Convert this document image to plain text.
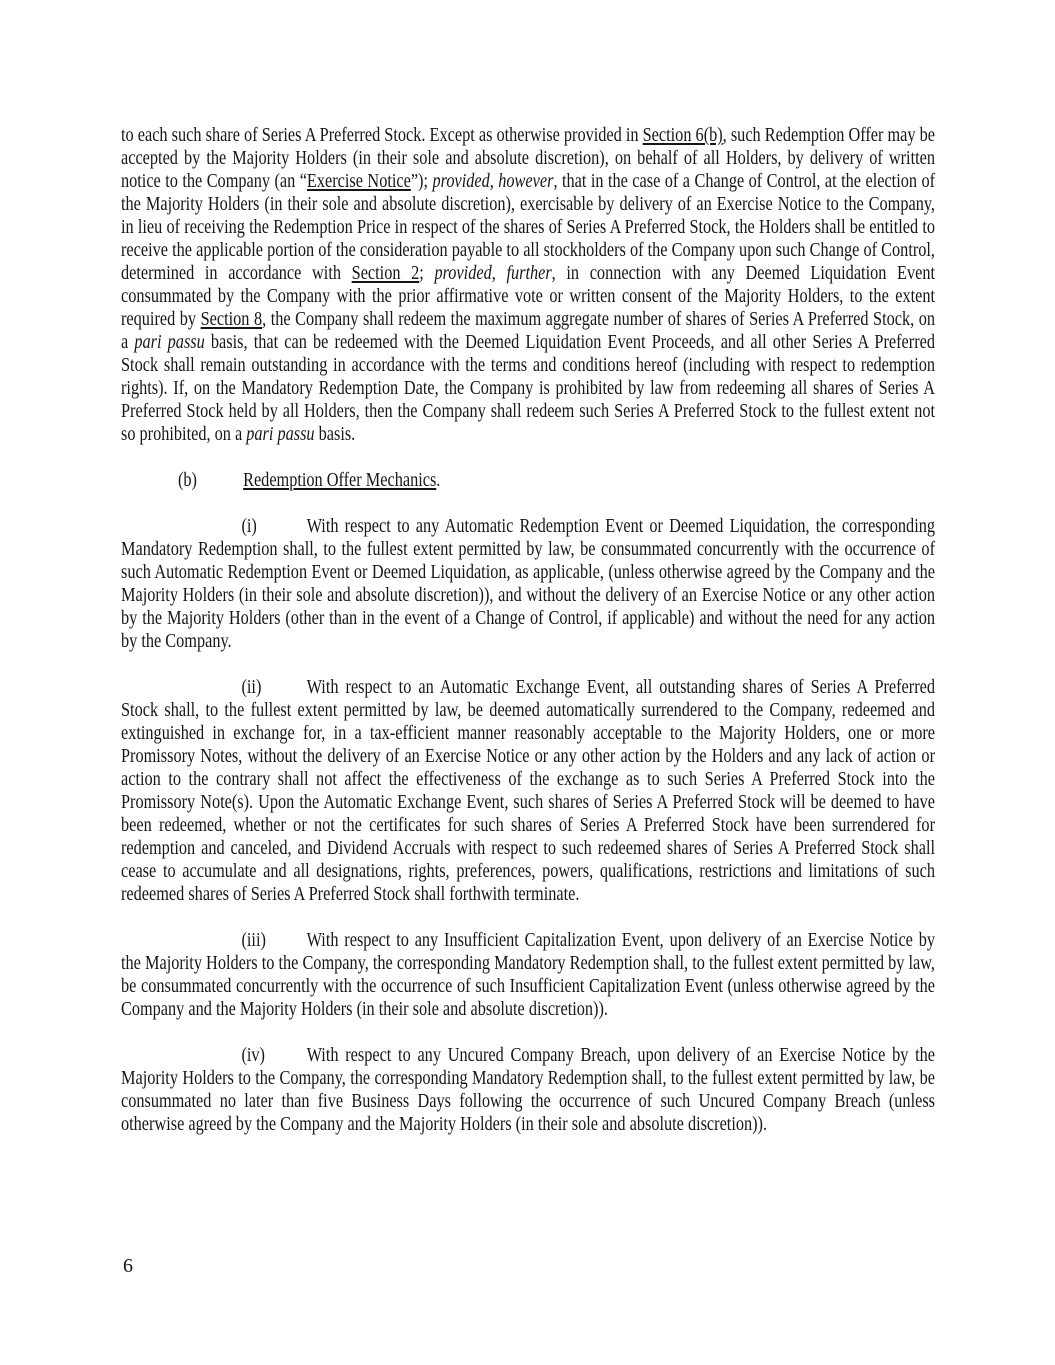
to each such share of Series A Preferred Stock. Except as otherwise provided in Section 6(b), such Redemption Offer may be accepted by the Majority Holders (in their sole and absolute discretion), on behalf of all Holders, by delivery of written notice to the Company (an “Exercise Notice”); provided, however, that in the case of a Change of Control, at the election of the Majority Holders (in their sole and absolute discretion), exercisable by delivery of an Exercise Notice to the Company, in lieu of receiving the Redemption Price in respect of the shares of Series A Preferred Stock, the Holders shall be entitled to receive the applicable portion of the consideration payable to all stockholders of the Company upon such Change of Control, determined in accordance with Section 2; provided, further, in connection with any Deemed Liquidation Event consummated by the Company with the prior affirmative vote or written consent of the Majority Holders, to the extent required by Section 8, the Company shall redeem the maximum aggregate number of shares of Series A Preferred Stock, on a pari passu basis, that can be redeemed with the Deemed Liquidation Event Proceeds, and all other Series A Preferred Stock shall remain outstanding in accordance with the terms and conditions hereof (including with respect to redemption rights). If, on the Mandatory Redemption Date, the Company is prohibited by law from redeeming all shares of Series A Preferred Stock held by all Holders, then the Company shall redeem such Series A Preferred Stock to the fullest extent not so prohibited, on a pari passu basis.

(b) Redemption Offer Mechanics.

(i) With respect to any Automatic Redemption Event or Deemed Liquidation, the corresponding Mandatory Redemption shall, to the fullest extent permitted by law, be consummated concurrently with the occurrence of such Automatic Redemption Event or Deemed Liquidation, as applicable, (unless otherwise agreed by the Company and the Majority Holders (in their sole and absolute discretion)), and without the delivery of an Exercise Notice or any other action by the Majority Holders (other than in the event of a Change of Control, if applicable) and without the need for any action by the Company.

(ii) With respect to an Automatic Exchange Event, all outstanding shares of Series A Preferred Stock shall, to the fullest extent permitted by law, be deemed automatically surrendered to the Company, redeemed and extinguished in exchange for, in a tax-efficient manner reasonably acceptable to the Majority Holders, one or more Promissory Notes, without the delivery of an Exercise Notice or any other action by the Holders and any lack of action or action to the contrary shall not affect the effectiveness of the exchange as to such Series A Preferred Stock into the Promissory Note(s). Upon the Automatic Exchange Event, such shares of Series A Preferred Stock will be deemed to have been redeemed, whether or not the certificates for such shares of Series A Preferred Stock have been surrendered for redemption and canceled, and Dividend Accruals with respect to such redeemed shares of Series A Preferred Stock shall cease to accumulate and all designations, rights, preferences, powers, qualifications, restrictions and limitations of such redeemed shares of Series A Preferred Stock shall forthwith terminate.

(iii) With respect to any Insufficient Capitalization Event, upon delivery of an Exercise Notice by the Majority Holders to the Company, the corresponding Mandatory Redemption shall, to the fullest extent permitted by law, be consummated concurrently with the occurrence of such Insufficient Capitalization Event (unless otherwise agreed by the Company and the Majority Holders (in their sole and absolute discretion)).

(iv) With respect to any Uncured Company Breach, upon delivery of an Exercise Notice by the Majority Holders to the Company, the corresponding Mandatory Redemption shall, to the fullest extent permitted by law, be consummated no later than five Business Days following the occurrence of such Uncured Company Breach (unless otherwise agreed by the Company and the Majority Holders (in their sole and absolute discretion)).

6
